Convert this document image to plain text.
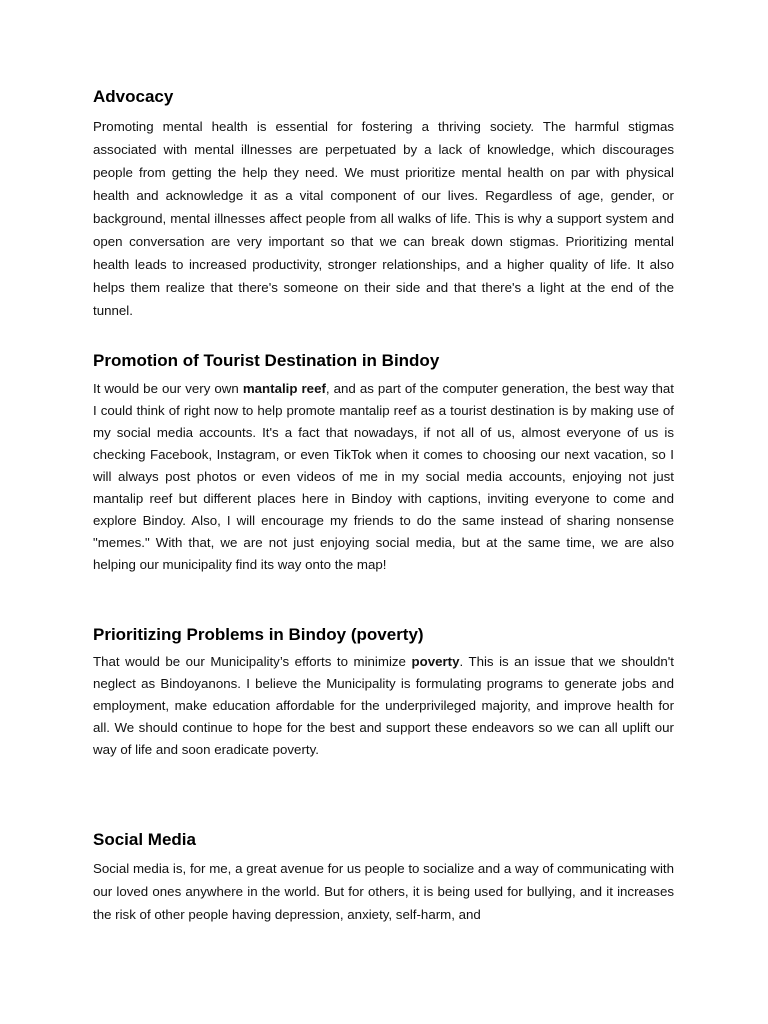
Advocacy

Promoting mental health is essential for fostering a thriving society. The harmful stigmas associated with mental illnesses are perpetuated by a lack of knowledge, which discourages people from getting the help they need. We must prioritize mental health on par with physical health and acknowledge it as a vital component of our lives. Regardless of age, gender, or background, mental illnesses affect people from all walks of life. This is why a support system and open conversation are very important so that we can break down stigmas. Prioritizing mental health leads to increased productivity, stronger relationships, and a higher quality of life. It also helps them realize that there's someone on their side and that there's a light at the end of the tunnel.

Promotion of Tourist Destination in Bindoy

It would be our very own mantalip reef, and as part of the computer generation, the best way that I could think of right now to help promote mantalip reef as a tourist destination is by making use of my social media accounts. It's a fact that nowadays, if not all of us, almost everyone of us is checking Facebook, Instagram, or even TikTok when it comes to choosing our next vacation, so I will always post photos or even videos of me in my social media accounts, enjoying not just mantalip reef but different places here in Bindoy with captions, inviting everyone to come and explore Bindoy. Also, I will encourage my friends to do the same instead of sharing nonsense "memes." With that, we are not just enjoying social media, but at the same time, we are also helping our municipality find its way onto the map!

Prioritizing Problems in Bindoy (poverty)

That would be our Municipality’s efforts to minimize poverty. This is an issue that we shouldn't neglect as Bindoyanons. I believe the Municipality is formulating programs to generate jobs and employment, make education affordable for the underprivileged majority, and improve health for all. We should continue to hope for the best and support these endeavors so we can all uplift our way of life and soon eradicate poverty.

Social Media

Social media is, for me, a great avenue for us people to socialize and a way of communicating with our loved ones anywhere in the world. But for others, it is being used for bullying, and it increases the risk of other people having depression, anxiety, self-harm, and
